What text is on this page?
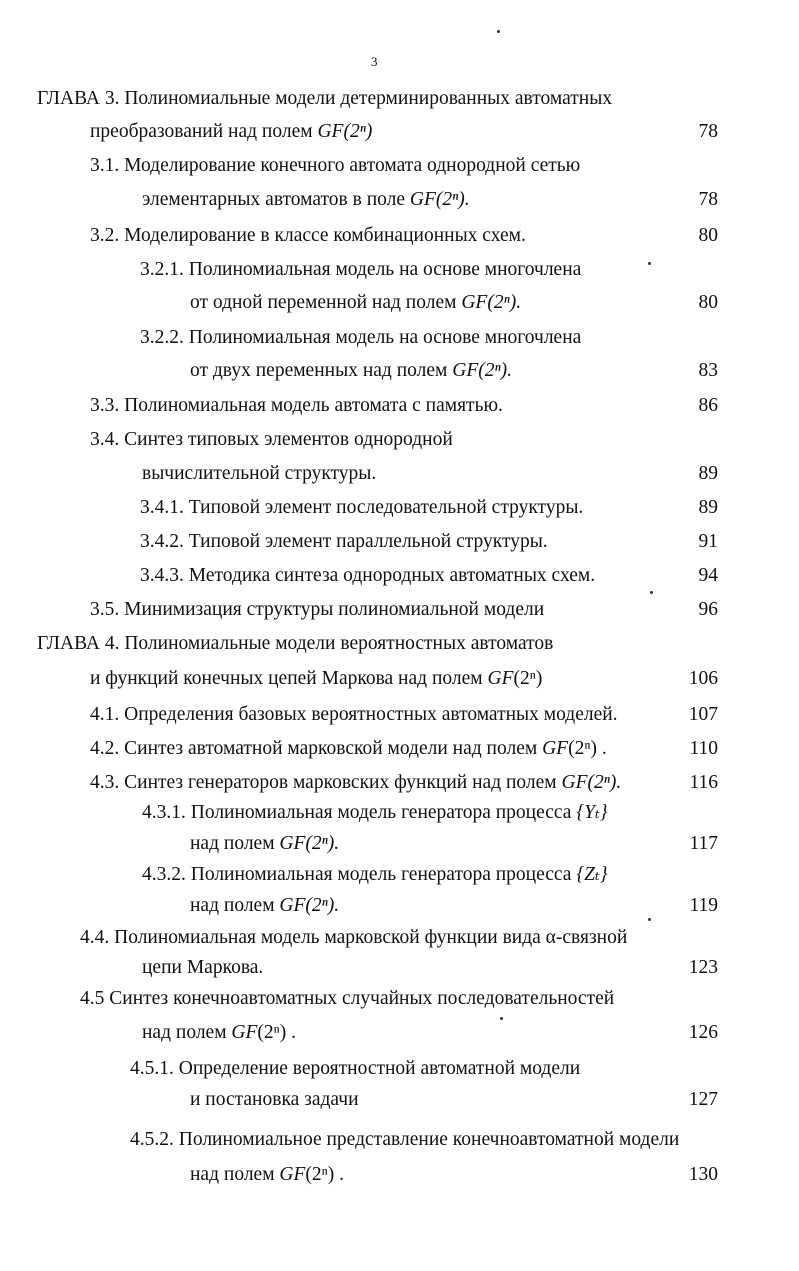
3
ГЛАВА 3. Полиномиальные модели детерминированных автоматных
преобразований над полем GF(2ⁿ)	78
3.1. Моделирование конечного автомата однородной сетью
элементарных автоматов в поле GF(2ⁿ).	78
3.2. Моделирование в классе комбинационных схем.	80
3.2.1. Полиномиальная модель на основе многочлена
от одной переменной над полем GF(2ⁿ).	80
3.2.2. Полиномиальная модель на основе многочлена
от двух переменных над полем GF(2ⁿ).	83
3.3. Полиномиальная модель автомата с памятью.	86
3.4. Синтез типовых элементов однородной
вычислительной структуры.	89
3.4.1. Типовой элемент последовательной структуры.	89
3.4.2. Типовой элемент параллельной структуры.	91
3.4.3. Методика синтеза однородных автоматных схем.	94
3.5. Минимизация структуры полиномиальной модели	96
ГЛАВА 4. Полиномиальные модели вероятностных автоматов
и функций конечных цепей Маркова над полем GF(2ⁿ)	106
4.1. Определения базовых вероятностных автоматных моделей.	107
4.2. Синтез автоматной марковской модели над полем GF(2ⁿ) .	110
4.3. Синтез генераторов марковских функций над полем GF(2ⁿ).	116
4.3.1. Полиномиальная модель генератора процесса {Yₜ}
над полем GF(2ⁿ).	117
4.3.2. Полиномиальная модель генератора процесса {Zₜ}
над полем GF(2ⁿ).	119
4.4. Полиномиальная модель марковской функции вида α-связной
цепи Маркова.	123
4.5 Синтез конечноавтоматных случайных последовательностей
над полем GF(2ⁿ) .	126
4.5.1. Определение вероятностной автоматной модели
и постановка задачи	127
4.5.2. Полиномиальное представление конечноавтоматной модели
над полем GF(2ⁿ) .	130
